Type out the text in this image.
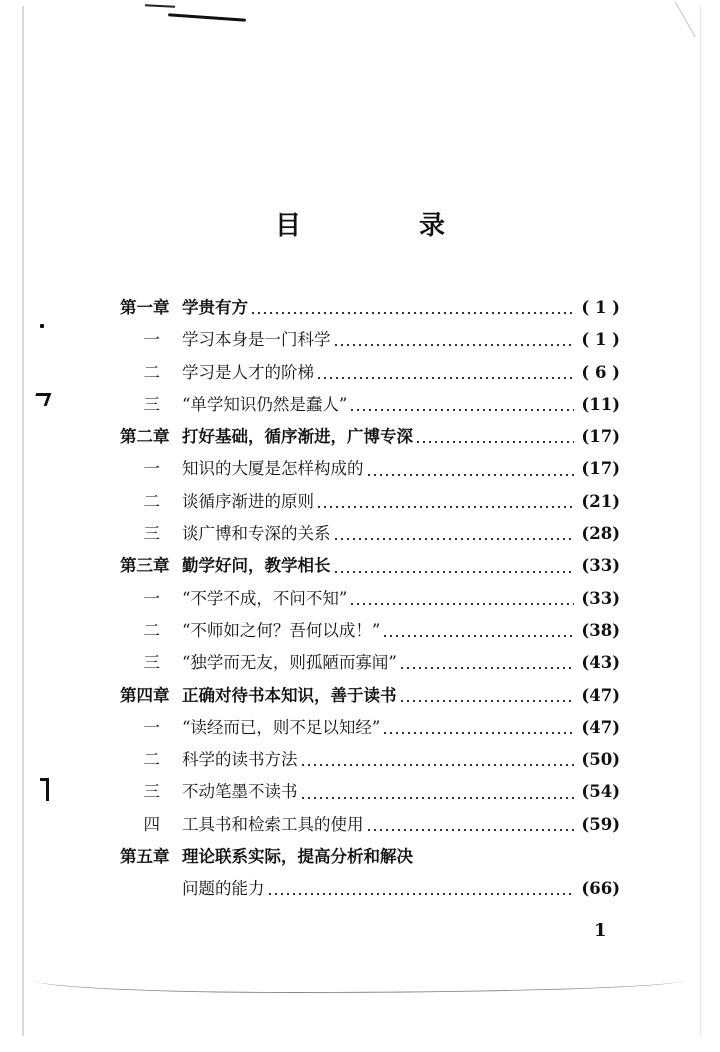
目　录
第一章 学贵有方	( 1 )
一	学习本身是一门科学	( 1 )
二	学习是人才的阶梯	( 6 )
三	“单学知识仍然是蠢人”	(11)
第二章 打好基础，循序渐进，广博专深	(17)
一	知识的大厦是怎样构成的	(17)
二	谈循序渐进的原则	(21)
三	谈广博和专深的关系	(28)
第三章 勤学好问，教学相长	(33)
一	“不学不成，不问不知”	(33)
二	“不师如之何？吾何以成！”	(38)
三	“独学而无友，则孤陋而寡闻”	(43)
第四章 正确对待书本知识，善于读书	(47)
一	“读经而已，则不足以知经”	(47)
二	科学的读书方法	(50)
三	不动笔墨不读书	(54)
四	工具书和检索工具的使用	(59)
第五章 理论联系实际，提高分析和解决
问题的能力	(66)
1
